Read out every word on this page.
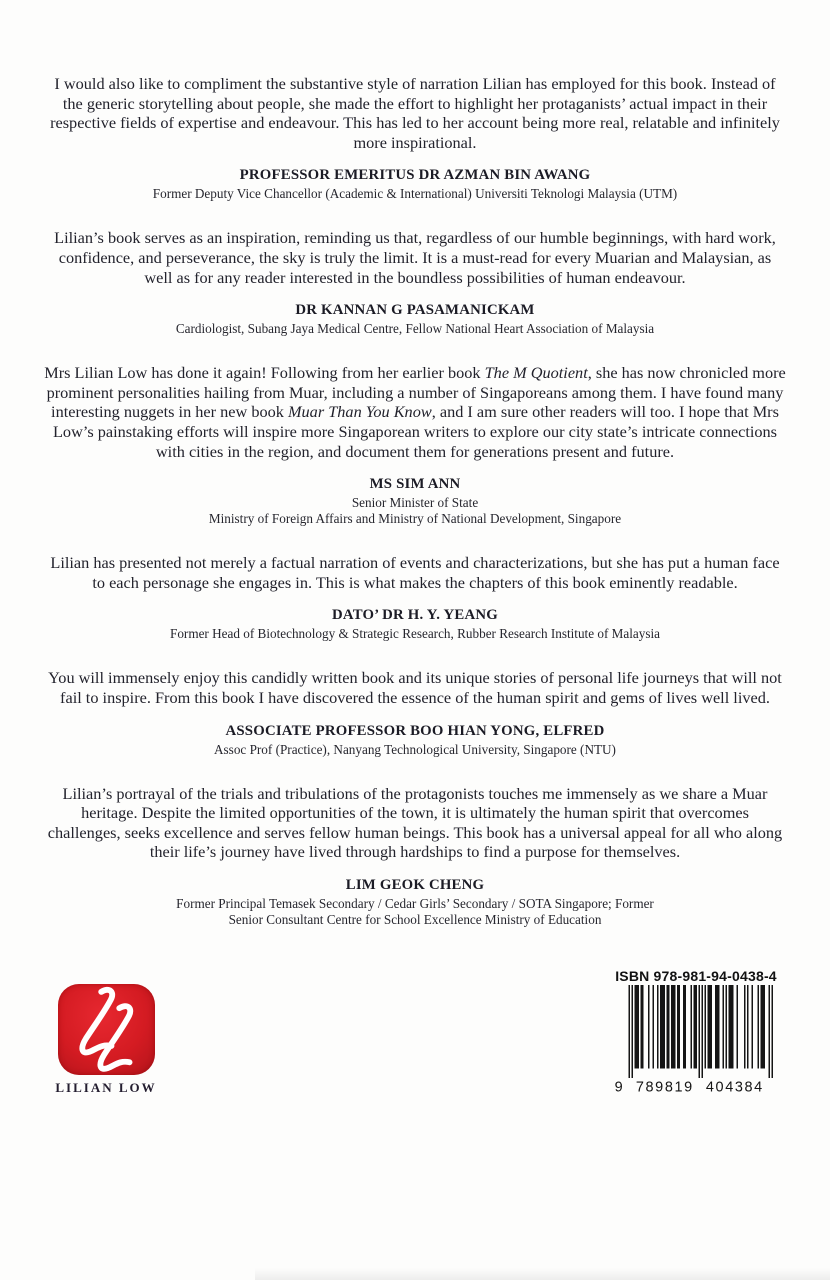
I would also like to compliment the substantive style of narration Lilian has employed for this book. Instead of the generic storytelling about people, she made the effort to highlight her protaganists’ actual impact in their respective fields of expertise and endeavour. This has led to her account being more real, relatable and infinitely more inspirational.

PROFESSOR EMERITUS DR AZMAN BIN AWANG
Former Deputy Vice Chancellor (Academic & International) Universiti Teknologi Malaysia (UTM)

Lilian’s book serves as an inspiration, reminding us that, regardless of our humble beginnings, with hard work, confidence, and perseverance, the sky is truly the limit. It is a must-read for every Muarian and Malaysian, as well as for any reader interested in the boundless possibilities of human endeavour.

DR KANNAN G PASAMANICKAM
Cardiologist, Subang Jaya Medical Centre, Fellow National Heart Association of Malaysia

Mrs Lilian Low has done it again! Following from her earlier book The M Quotient, she has now chronicled more prominent personalities hailing from Muar, including a number of Singaporeans among them. I have found many interesting nuggets in her new book Muar Than You Know, and I am sure other readers will too. I hope that Mrs Low’s painstaking efforts will inspire more Singaporean writers to explore our city state’s intricate connections with cities in the region, and document them for generations present and future.

MS SIM ANN
Senior Minister of State
Ministry of Foreign Affairs and Ministry of National Development, Singapore

Lilian has presented not merely a factual narration of events and characterizations, but she has put a human face to each personage she engages in. This is what makes the chapters of this book eminently readable.

DATO’ DR H. Y. YEANG
Former Head of Biotechnology & Strategic Research, Rubber Research Institute of Malaysia

You will immensely enjoy this candidly written book and its unique stories of personal life journeys that will not fail to inspire. From this book I have discovered the essence of the human spirit and gems of lives well lived.

ASSOCIATE PROFESSOR BOO HIAN YONG, ELFRED
Assoc Prof (Practice), Nanyang Technological University, Singapore (NTU)

Lilian’s portrayal of the trials and tribulations of the protagonists touches me immensely as we share a Muar heritage. Despite the limited opportunities of the town, it is ultimately the human spirit that overcomes challenges, seeks excellence and serves fellow human beings. This book has a universal appeal for all who along their life’s journey have lived through hardships to find a purpose for themselves.

LIM GEOK CHENG
Former Principal Temasek Secondary / Cedar Girls’ Secondary / SOTA Singapore; Former
Senior Consultant Centre for School Excellence Ministry of Education
LILIAN LOW
ISBN 978-981-94-0438-4
9 789819 404384
